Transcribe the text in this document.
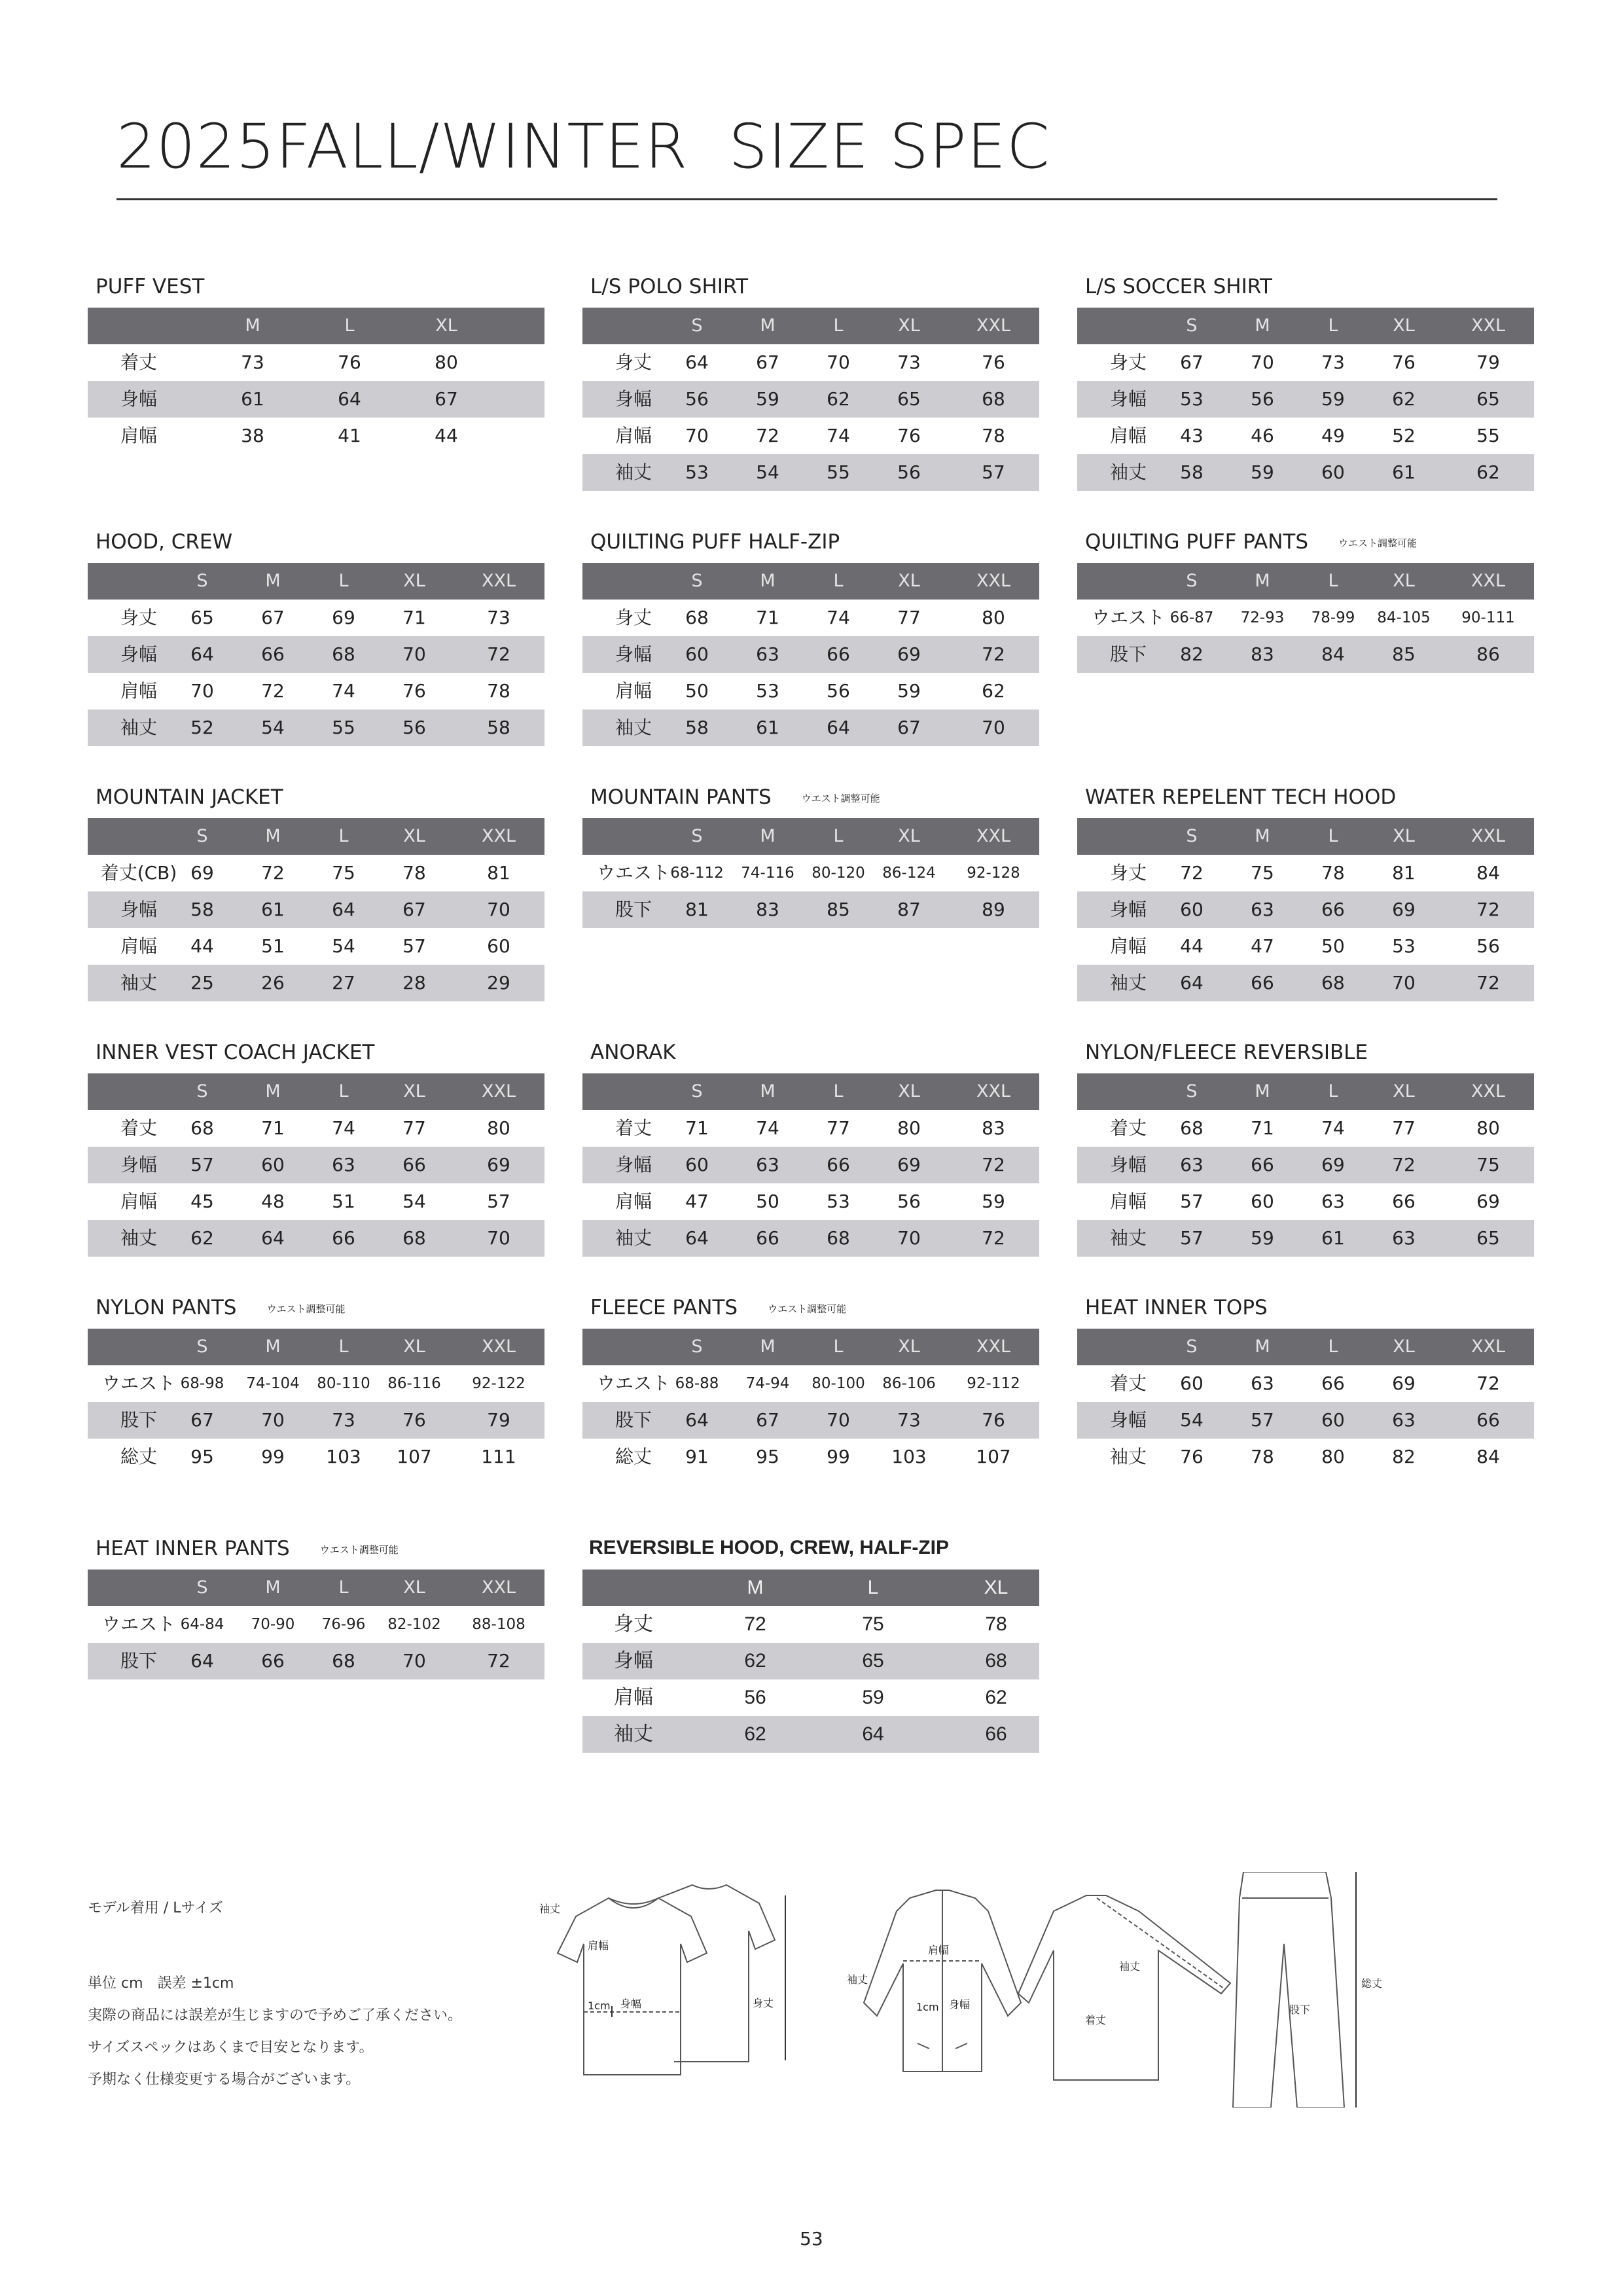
2025FALL/WINTER  SIZE SPEC
PUFF VEST
M	L	XL
着丈	73	76	80
身幅	61	64	67
肩幅	38	41	44
L/S POLO SHIRT
S	M	L	XL	XXL
身丈 64	67	70	73	76
身幅 56	59	62	65	68
肩幅 70	72	74	76	78
袖丈 53	54	55	56	57
L/S SOCCER SHIRT
S	M	L	XL	XXL
身丈 67	70	73	76	79
身幅 53	56	59	62	65
肩幅 43	46	49	52	55
袖丈 58	59	60	61	62
HOOD, CREW
S	M	L	XL	XXL
身丈 65	67	69	71	73
身幅 64	66	68	70	72
肩幅 70	72	74	76	78
袖丈 52	54	55	56	58
QUILTING PUFF HALF-ZIP
S	M	L	XL	XXL
身丈 68	71	74	77	80
身幅 60	63	66	69	72
肩幅 50	53	56	59	62
袖丈 58	61	64	67	70
QUILTING PUFF PANTS	ウエスト調整可能
S	M	L	XL	XXL
ウエスト 66-87 72-93 78-99 84-105 90-111
股下 82	83	84	85	86
MOUNTAIN JACKET
S	M	L	XL	XXL
着丈(CB) 69	72	75	78	81
身幅 58	61	64	67	70
肩幅 44	51	54	57	60
袖丈 25	26	27	28	29
MOUNTAIN PANTS	ウエスト調整可能
S	M	L	XL	XXL
ウエスト 68-112 74-116 80-120 86-124 92-128
股下 81	83	85	87	89
WATER REPELENT TECH HOOD
S	M	L	XL	XXL
身丈 72	75	78	81	84
身幅 60	63	66	69	72
肩幅 44	47	50	53	56
袖丈 64	66	68	70	72
INNER VEST COACH JACKET
S	M	L	XL	XXL
着丈 68	71	74	77	80
身幅 57	60	63	66	69
肩幅 45	48	51	54	57
袖丈 62	64	66	68	70
ANORAK
S	M	L	XL	XXL
着丈 71	74	77	80	83
身幅 60	63	66	69	72
肩幅 47	50	53	56	59
袖丈 64	66	68	70	72
NYLON/FLEECE REVERSIBLE
S	M	L	XL	XXL
着丈 68	71	74	77	80
身幅 63	66	69	72	75
肩幅 57	60	63	66	69
袖丈 57	59	61	63	65
NYLON PANTS	ウエスト調整可能
S	M	L	XL	XXL
ウエスト 68-98 74-104 80-110 86-116 92-122
股下 67	70	73	76	79
総丈 95	99 103 107	111
FLEECE PANTS	ウエスト調整可能
S	M	L	XL	XXL
ウエスト 68-88 74-94 80-100 86-106 92-112
股下 64	67	70	73	76
総丈 91	95	99 103	107
HEAT INNER TOPS
S	M	L	XL	XXL
着丈 60	63	66	69	72
身幅 54	57	60	63	66
袖丈 76	78	80	82	84
HEAT INNER PANTS	ウエスト調整可能
S	M	L	XL	XXL
ウエスト 64-84 70-90 76-96 82-102 88-108
股下 64	66	68	70	72
REVERSIBLE HOOD, CREW, HALF-ZIP
M	L	XL
身丈	72	75	78
身幅	62	65	68
肩幅	56	59	62
袖丈	62	64	66
モデル着用 / Lサイズ
単位 cm　誤差 ±1cm
実際の商品には誤差が生じますので予めご了承ください。
サイズスペックはあくまで目安となります。
予期なく仕様変更する場合がございます。
袖丈
肩幅
身幅
1cm	身丈
袖丈
肩幅
身幅
1cm
着丈
袖丈
股下
総丈
53
